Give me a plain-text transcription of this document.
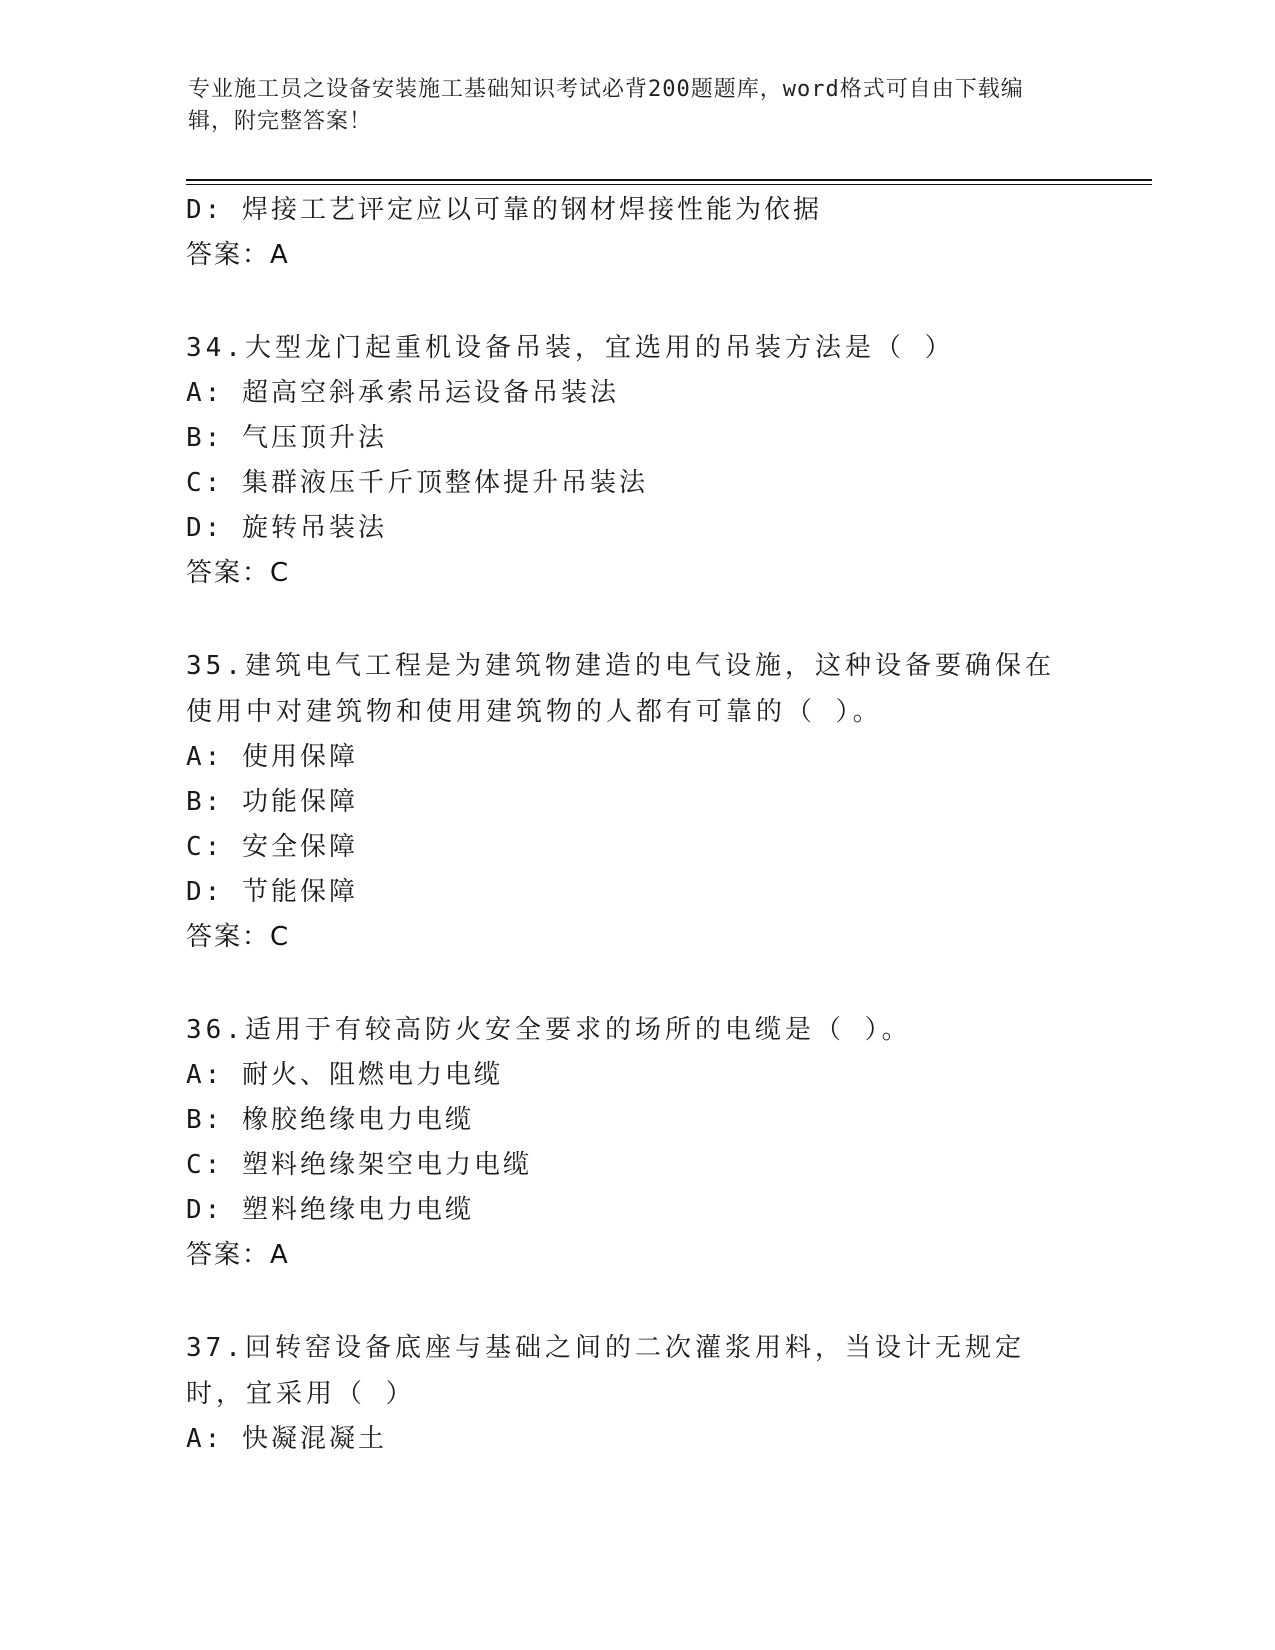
专业施工员之设备安装施工基础知识考试必背200题题库，word格式可自由下载编辑，附完整答案！
D: 焊接工艺评定应以可靠的钢材焊接性能为依据
答案：A
34.大型龙门起重机设备吊装，宜选用的吊装方法是（ ）
A: 超高空斜承索吊运设备吊装法
B: 气压顶升法
C: 集群液压千斤顶整体提升吊装法
D: 旋转吊装法
答案：C
35.建筑电气工程是为建筑物建造的电气设施，这种设备要确保在使用中对建筑物和使用建筑物的人都有可靠的（ ）。
A: 使用保障
B: 功能保障
C: 安全保障
D: 节能保障
答案：C
36.适用于有较高防火安全要求的场所的电缆是（ ）。
A: 耐火、阻燃电力电缆
B: 橡胶绝缘电力电缆
C: 塑料绝缘架空电力电缆
D: 塑料绝缘电力电缆
答案：A
37.回转窑设备底座与基础之间的二次灌浆用料，当设计无规定时，宜采用（ ）
A: 快凝混凝土
